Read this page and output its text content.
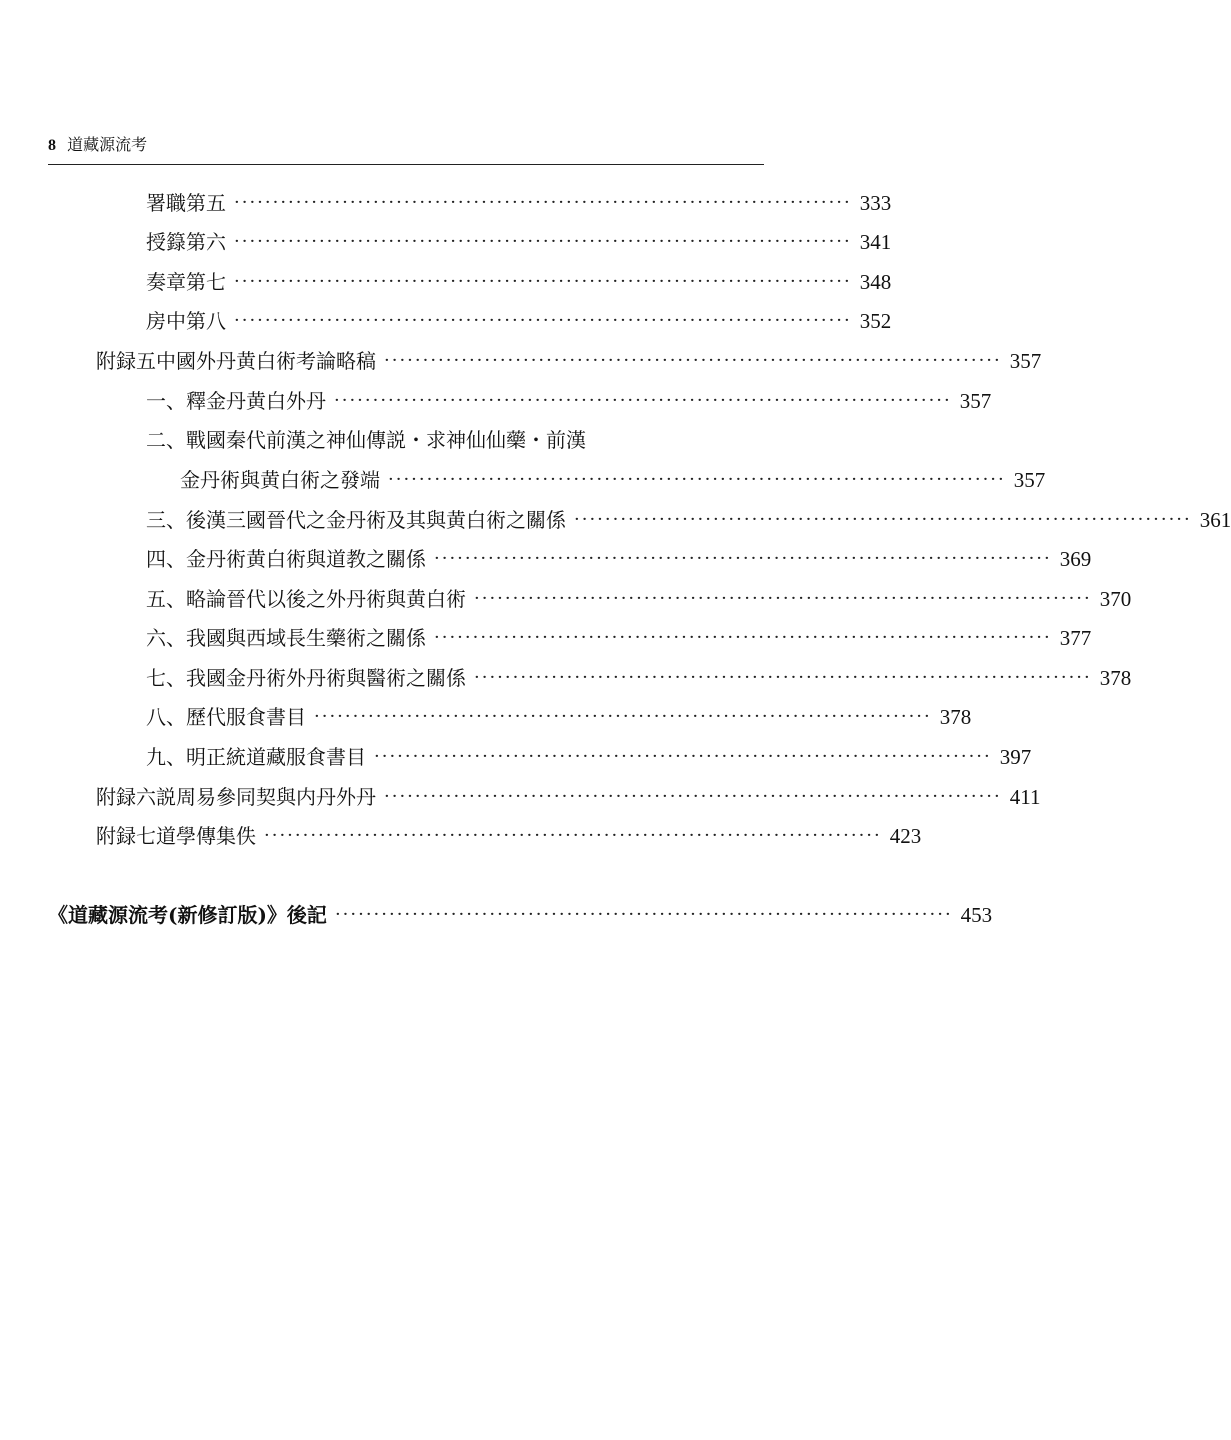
8 道藏源流考
署職第五 ················································································ 333
授籙第六 ················································································ 341
奏章第七 ················································································ 348
房中第八 ················································································ 352
附録五 中國外丹黄白術考論略稿 ················································································ 357
一、釋金丹黄白外丹 ················································································ 357
二、戰國秦代前漢之神仙傳説・求神仙仙藥・前漢
金丹術與黄白術之發端 ················································································ 357
三、後漢三國晉代之金丹術及其與黄白術之關係 ················································································ 361
四、金丹術黄白術與道教之關係 ················································································ 369
五、略論晉代以後之外丹術與黄白術 ················································································ 370
六、我國與西域長生藥術之關係 ················································································ 377
七、我國金丹術外丹術與醫術之關係 ················································································ 378
八、歷代服食書目 ················································································ 378
九、明正統道藏服食書目 ················································································ 397
附録六 説周易參同契與内丹外丹 ················································································ 411
附録七 道學傳集佚 ················································································ 423
《道藏源流考(新修訂版)》後記 ················································································ 453
